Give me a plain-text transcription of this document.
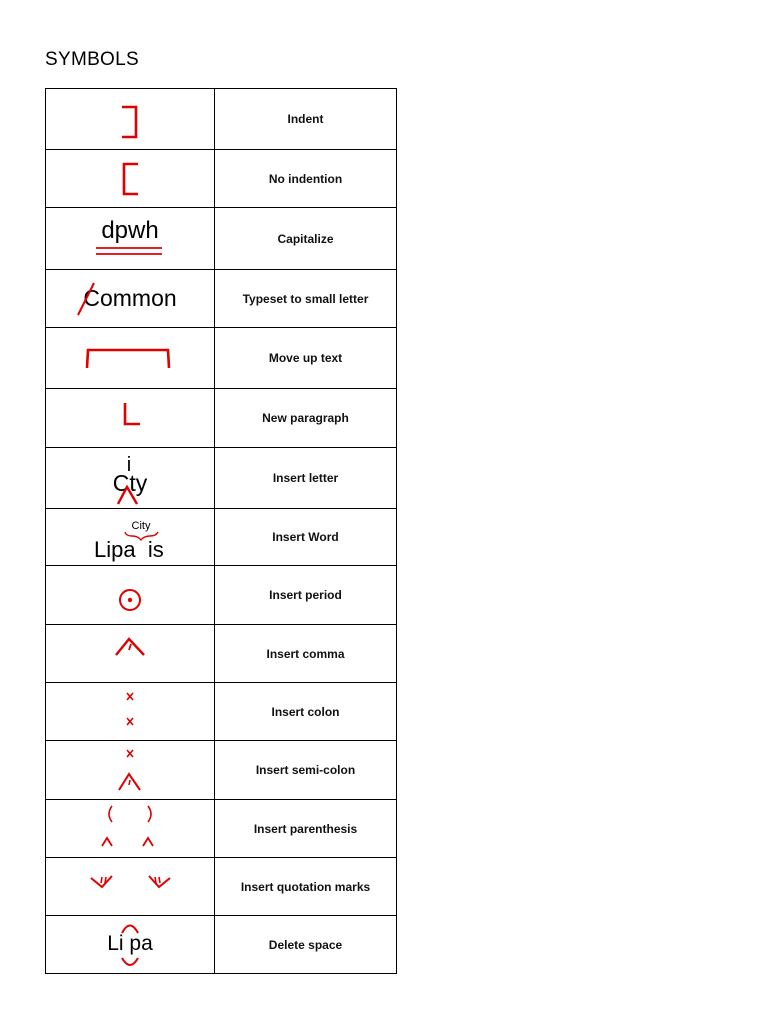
SYMBOLS
	Indent

	No indention

dpwh	Capitalize

Common	Typeset to small letter

	Move up text

	New paragraph

i
Cty	Insert letter

City
Lipa  is	Insert Word

	Insert period

	Insert comma

	Insert colon

	Insert semi-colon

	Insert parenthesis

	Insert quotation marks

Li pa	Delete space
